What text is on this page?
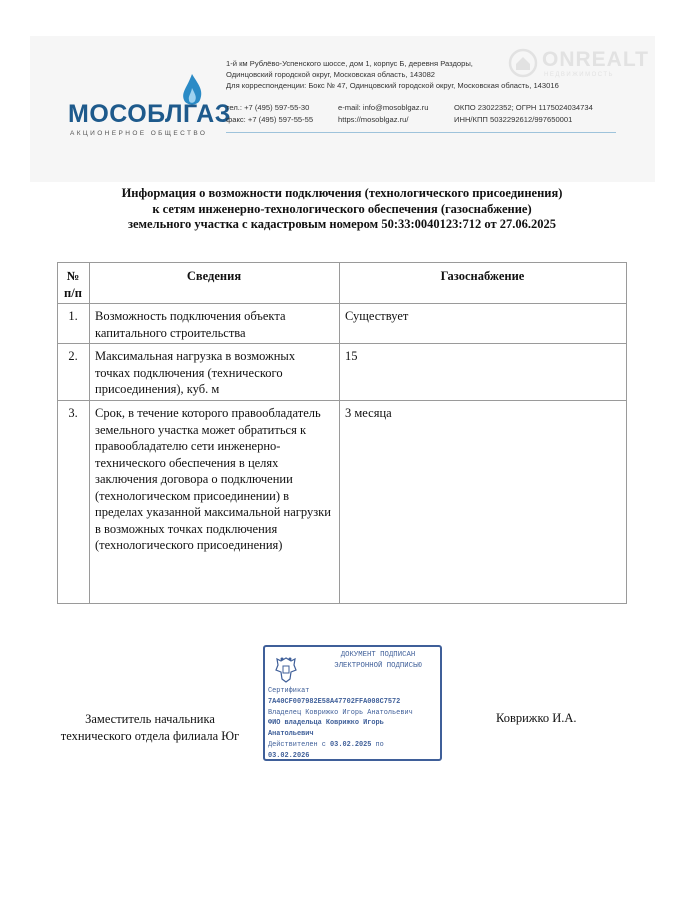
МОСОБЛГАЗ
АКЦИОНЕРНОЕ ОБЩЕСТВО
ONREALT
НЕДВИЖИМОСТЬ
1-й км Рублёво-Успенского шоссе, дом 1, корпус Б, деревня Раздоры,
Одинцовский городской округ, Московская область, 143082
Для корреспонденции: Бокс № 47, Одинцовский городской округ, Московская область, 143016
тел.: +7 (495) 597-55-30
факс: +7 (495) 597-55-55
e-mail: info@mosoblgaz.ru
https://mosoblgaz.ru/
ОКПО 23022352; ОГРН 1175024034734
ИНН/КПП 5032292612/997650001
Информация о возможности подключения (технологического присоединения)
к сетям инженерно-технологического обеспечения (газоснабжение)
земельного участка с кадастровым номером 50:33:0040123:712 от 27.06.2025
№ п/п	Сведения	Газоснабжение
1.	Возможность подключения объекта капитального строительства	Существует
2.	Максимальная нагрузка в возможных точках подключения (технического присоединения), куб. м	15
3.	Срок, в течение которого правообладатель земельного участка может обратиться к правообладателю сети инженерно-технического обеспечения в целях заключения договора о подключении (технологическом присоединении) в пределах указанной максимальной нагрузки в возможных точках подключения (технологического присоединения)	3 месяца
Заместитель начальника технического отдела филиала Юг
ДОКУМЕНТ ПОДПИСАН ЭЛЕКТРОННОЙ ПОДПИСЬЮ
Сертификат
7A40CF007982E58A47702FFA008C7572
Владелец Коврижко Игорь Анатольевич
ФИО владельца Коврижко Игорь
Анатольевич
Действителен с 03.02.2025 по
03.02.2026
Коврижко И.А.
